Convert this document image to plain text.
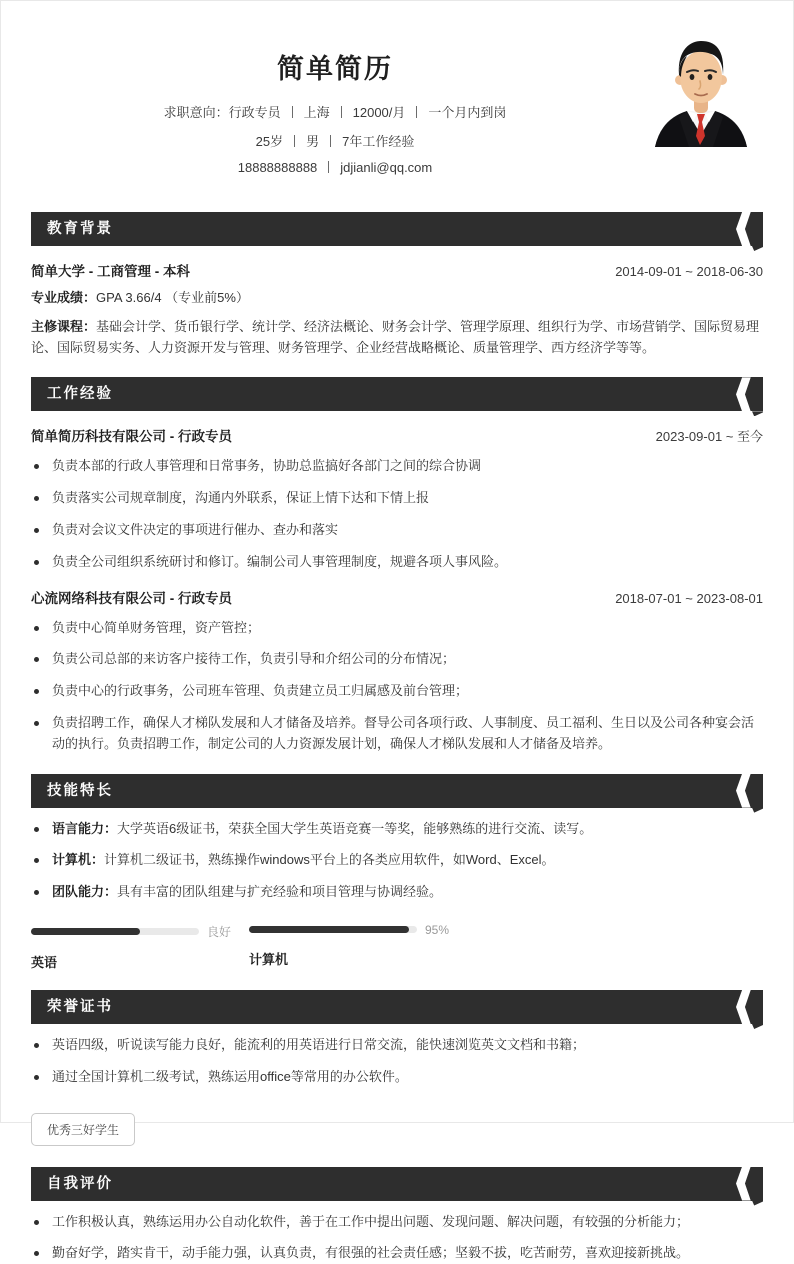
简单简历
求职意向：行政专员 上海 12000/月 一个月内到岗
25岁 男 7年工作经验
18888888888 jdjianli@qq.com
教育背景
简单大学 - 工商管理 - 本科	2014-09-01 ~ 2018-06-30
专业成绩：GPA 3.66/4 （专业前5%）
主修课程：基础会计学、货币银行学、统计学、经济法概论、财务会计学、管理学原理、组织行为学、市场营销学、国际贸易理论、国际贸易实务、人力资源开发与管理、财务管理学、企业经营战略概论、质量管理学、西方经济学等等。
工作经验
简单简历科技有限公司 - 行政专员	2023-09-01 ~ 至今
负责本部的行政人事管理和日常事务，协助总监搞好各部门之间的综合协调
负责落实公司规章制度，沟通内外联系，保证上情下达和下情上报
负责对会议文件决定的事项进行催办、查办和落实
负责全公司组织系统研讨和修订。编制公司人事管理制度，规避各项人事风险。
心流网络科技有限公司 - 行政专员	2018-07-01 ~ 2023-08-01
负责中心简单财务管理，资产管控；
负责公司总部的来访客户接待工作，负责引导和介绍公司的分布情况；
负责中心的行政事务，公司班车管理、负责建立员工归属感及前台管理；
负责招聘工作，确保人才梯队发展和人才储备及培养。督导公司各项行政、人事制度、员工福利、生日以及公司各种宴会活动的执行。负责招聘工作，制定公司的人力资源发展计划，确保人才梯队发展和人才储备及培养。
技能特长
语言能力：大学英语6级证书，荣获全国大学生英语竞赛一等奖，能够熟练的进行交流、读写。
计算机：计算机二级证书，熟练操作windows平台上的各类应用软件，如Word、Excel。
团队能力：具有丰富的团队组建与扩充经验和项目管理与协调经验。
良好
英语
95%
计算机
荣誉证书
英语四级，听说读写能力良好，能流利的用英语进行日常交流，能快速浏览英文文档和书籍；
通过全国计算机二级考试，熟练运用office等常用的办公软件。
优秀三好学生
自我评价
工作积极认真，熟练运用办公自动化软件，善于在工作中提出问题、发现问题、解决问题，有较强的分析能力；
勤奋好学，踏实肯干，动手能力强，认真负责，有很强的社会责任感；坚毅不拔，吃苦耐劳，喜欢迎接新挑战。
